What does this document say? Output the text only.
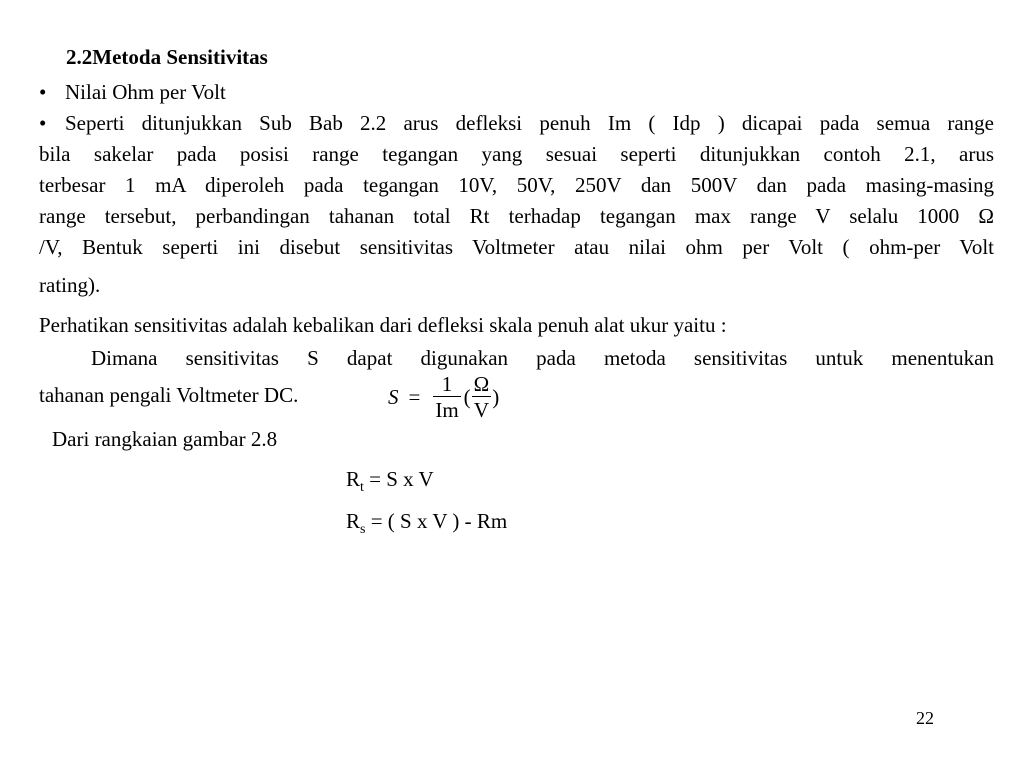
2.2Metoda Sensitivitas

• Nilai Ohm per Volt
• Seperti ditunjukkan Sub Bab 2.2 arus defleksi penuh Im ( Idp ) dicapai pada semua range
bila sakelar pada posisi range tegangan yang sesuai seperti ditunjukkan contoh 2.1, arus
terbesar 1 mA diperoleh pada tegangan 10V, 50V, 250V dan 500V dan pada masing-masing
range tersebut, perbandingan tahanan total Rt terhadap tegangan max range V selalu 1000 Ω
/V, Bentuk seperti ini disebut sensitivitas Voltmeter atau nilai ohm per Volt ( ohm-per Volt
rating).

Perhatikan sensitivitas adalah kebalikan dari defleksi skala penuh alat ukur yaitu :

Dimana sensitivitas S dapat digunakan pada metoda sensitivitas untuk menentukan
tahanan pengali Voltmeter DC.	$S = \frac{1}{Im}$ ( $\frac{\Omega}{V}$ )

Dari rangkaian gambar 2.8

$R_t = S$ x V

$R_s$ = ( S x V ) - Rm

22
